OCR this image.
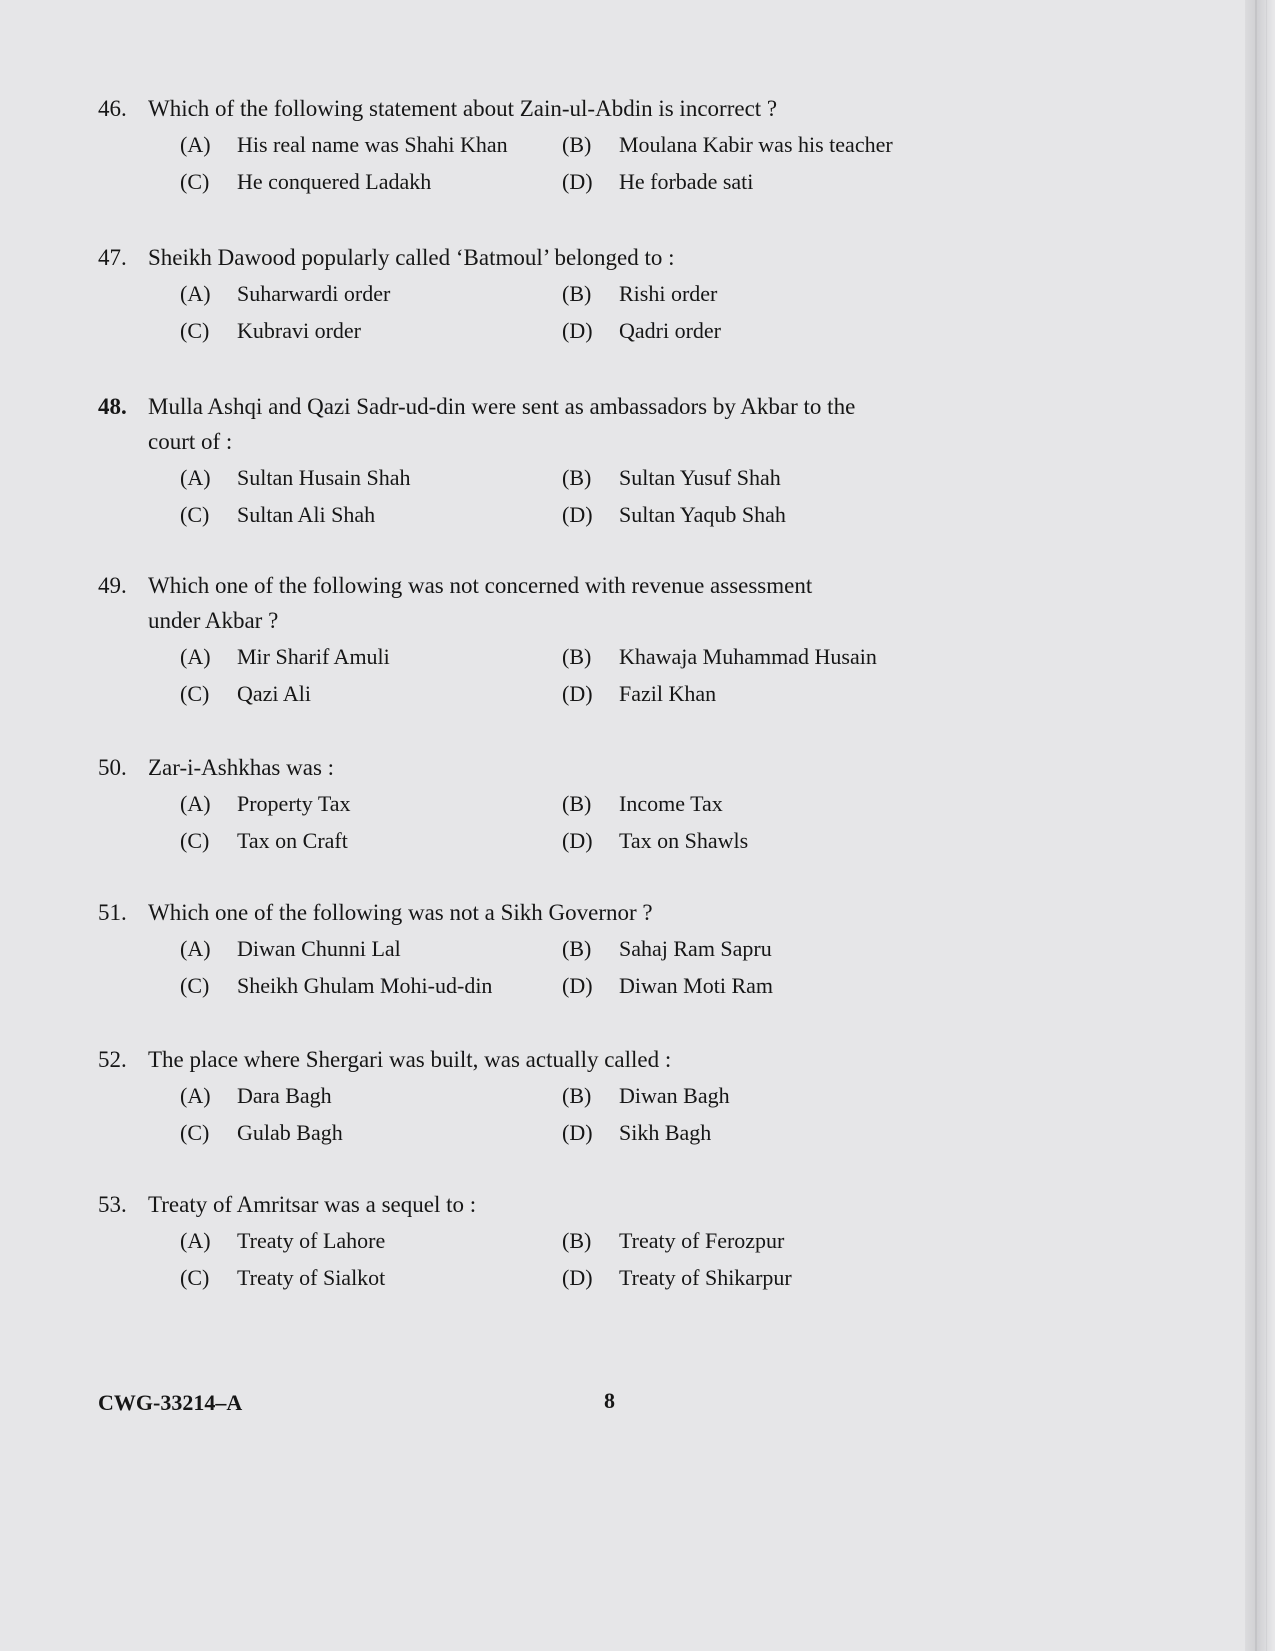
46. Which of the following statement about Zain-ul-Abdin is incorrect ?
(A)	His real name was Shahi Khan (B)	Moulana Kabir was his teacher
(C)	He conquered Ladakh	(D)	He forbade sati
47. Sheikh Dawood popularly called ‘Batmoul’ belonged to :
(A)	Suharwardi order	(B)	Rishi order
(C)	Kubravi order	(D)	Qadri order
48. Mulla Ashqi and Qazi Sadr-ud-din were sent as ambassadors by Akbar to the court of :
(A)	Sultan Husain Shah	(B)	Sultan Yusuf Shah
(C)	Sultan Ali Shah	(D)	Sultan Yaqub Shah
49. Which one of the following was not concerned with revenue assessment under Akbar ?
(A)	Mir Sharif Amuli	(B)	Khawaja Muhammad Husain
(C)	Qazi Ali	(D)	Fazil Khan
50. Zar-i-Ashkhas was :
(A)	Property Tax	(B)	Income Tax
(C)	Tax on Craft	(D)	Tax on Shawls
51. Which one of the following was not a Sikh Governor ?
(A)	Diwan Chunni Lal	(B)	Sahaj Ram Sapru
(C)	Sheikh Ghulam Mohi-ud-din	(D)	Diwan Moti Ram
52. The place where Shergari was built, was actually called :
(A)	Dara Bagh	(B)	Diwan Bagh
(C)	Gulab Bagh	(D)	Sikh Bagh
53. Treaty of Amritsar was a sequel to :
(A)	Treaty of Lahore	(B)	Treaty of Ferozpur
(C)	Treaty of Sialkot	(D)	Treaty of Shikarpur
CWG-33214–A	8
